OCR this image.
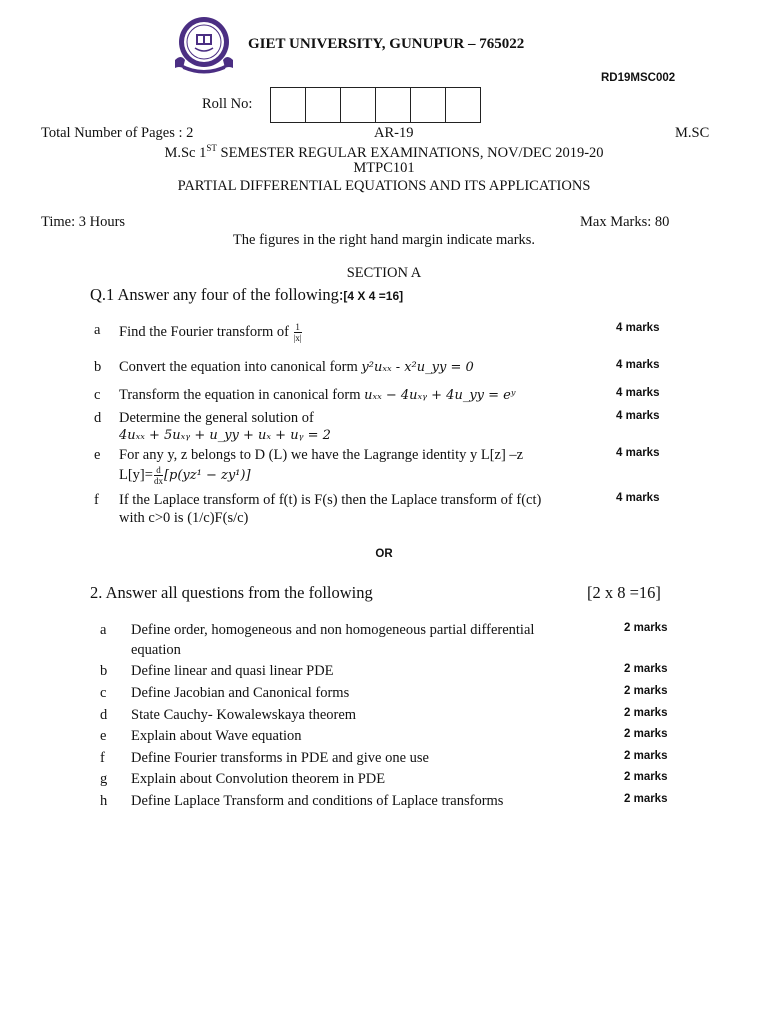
GIET UNIVERSITY, GUNUPUR – 765022
RD19MSC002
Roll No:
Total Number of Pages : 2	AR-19	M.SC
M.Sc 1ST SEMESTER REGULAR EXAMINATIONS, NOV/DEC 2019-20
MTPC101
PARTIAL DIFFERENTIAL EQUATIONS AND ITS APPLICATIONS
Time: 3 Hours	Max Marks: 80
The figures in the right hand margin indicate marks.
SECTION A
Q.1 Answer any four of the following:[4 X 4 =16]
a Find the Fourier transform of $\frac{1}{|x|}$	4 marks
b Convert the equation into canonical form y²uₓₓ - x²u_yy = 0	4 marks
c Transform the equation in canonical form uₓₓ − 4uₓᵧ + 4u_yy = eʸ	4 marks
d Determine the general solution of
4uₓₓ + 5uₓᵧ + u_yy + uₓ + uᵧ = 2
4 marks
e For any y, z belongs to D (L) we have the Lagrange identity y L[z] –z
$L[y]= \frac{d}{dx} [p(yz^1 - zy^1)]$
4 marks
f If the Laplace transform of f(t) is F(s) then the Laplace transform of f(ct)
with c>0 is (1/c)F(s/c)
4 marks
OR
2. Answer all questions from the following	[2 x 8 =16]
a Define order, homogeneous and non homogeneous partial differential
equation
2 marks
b Define linear and quasi linear PDE	2 marks
c Define Jacobian and Canonical forms	2 marks
d State Cauchy- Kowalewskaya theorem	2 marks
e Explain about Wave equation	2 marks
f Define Fourier transforms in PDE and give one use	2 marks
g Explain about Convolution theorem in PDE	2 marks
h Define Laplace Transform and conditions of Laplace transforms	2 marks
